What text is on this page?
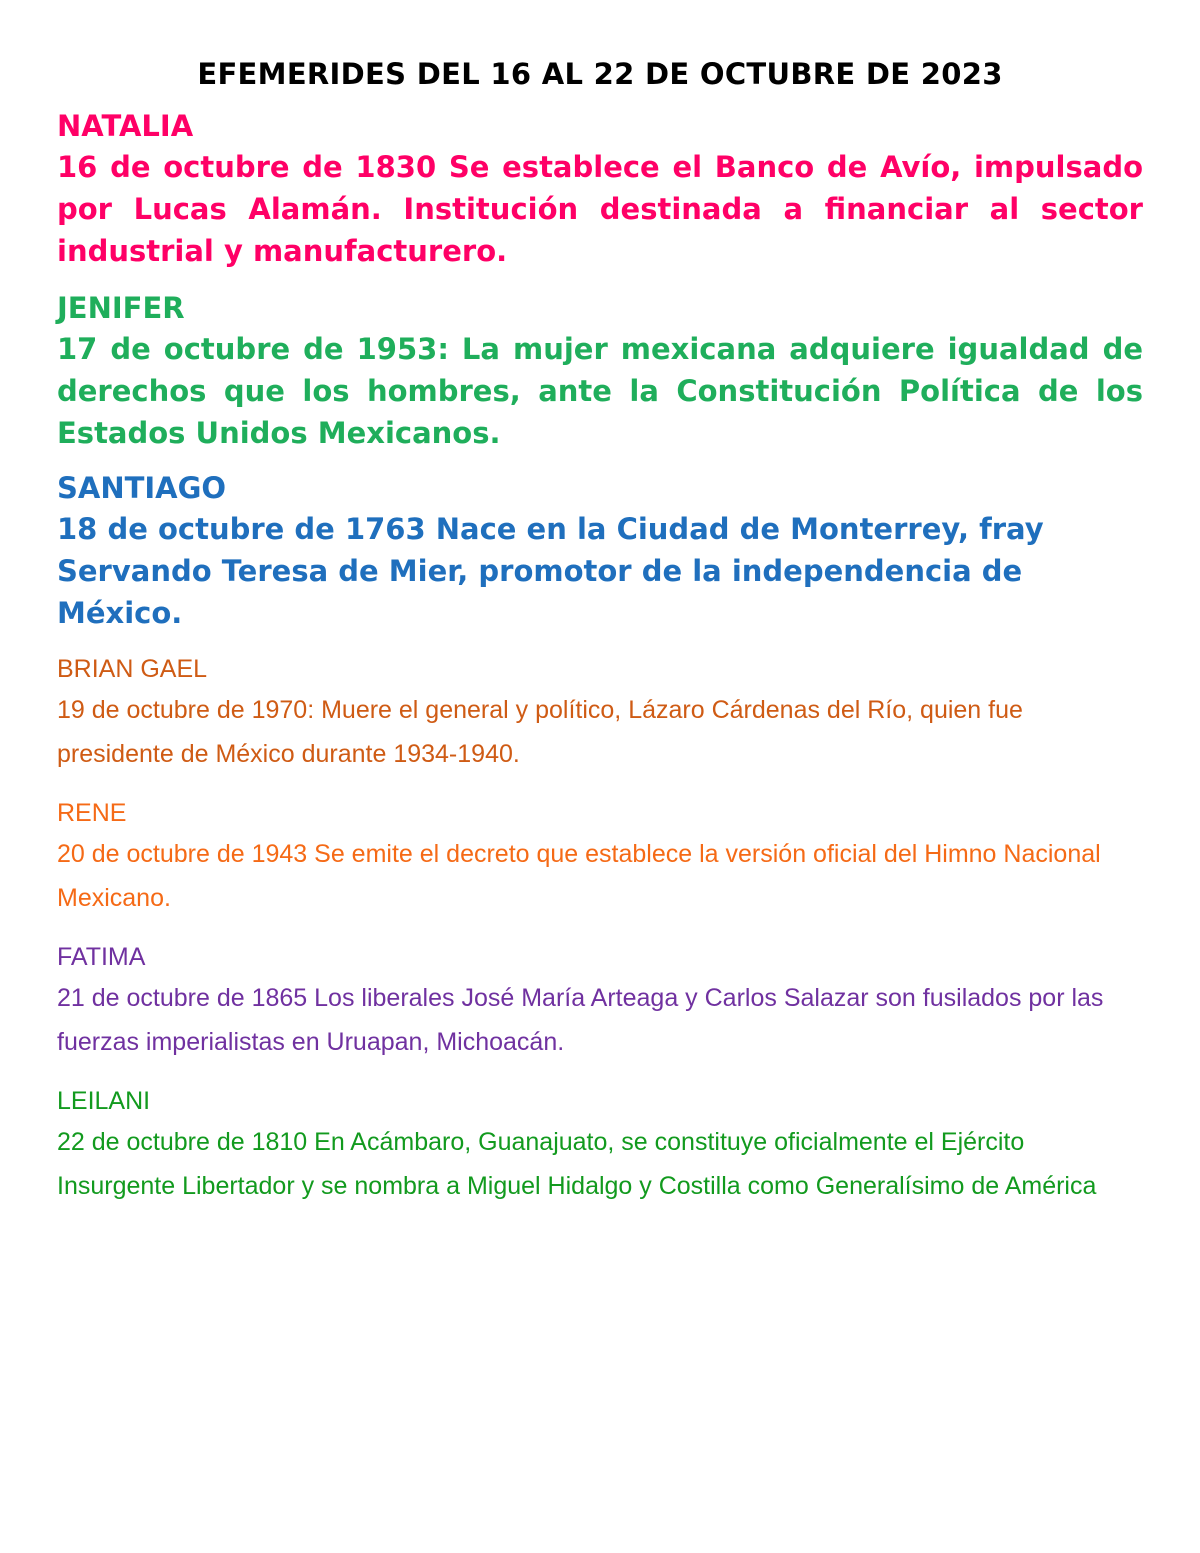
EFEMERIDES DEL 16 AL 22 DE OCTUBRE DE 2023

NATALIA

16 de octubre de 1830 Se establece el Banco de Avío, impulsado por Lucas Alamán. Institución destinada a financiar al sector industrial y manufacturero.

JENIFER

17 de octubre de 1953: La mujer mexicana adquiere igualdad de derechos que los hombres, ante la Constitución Política de los Estados Unidos Mexicanos.

SANTIAGO

18 de octubre de 1763 Nace en la Ciudad de Monterrey, fray Servando Teresa de Mier, promotor de la independencia de México.

BRIAN GAEL

19 de octubre de 1970: Muere el general y político, Lázaro Cárdenas del Río, quien fue presidente de México durante 1934-1940.

RENE

20 de octubre de 1943 Se emite el decreto que establece la versión oficial del Himno Nacional Mexicano.

FATIMA

21 de octubre de 1865 Los liberales José María Arteaga y Carlos Salazar son fusilados por las fuerzas imperialistas en Uruapan, Michoacán.

LEILANI

22 de octubre de 1810 En Acámbaro, Guanajuato, se constituye oficialmente el Ejército Insurgente Libertador y se nombra a Miguel Hidalgo y Costilla como Generalísimo de América
